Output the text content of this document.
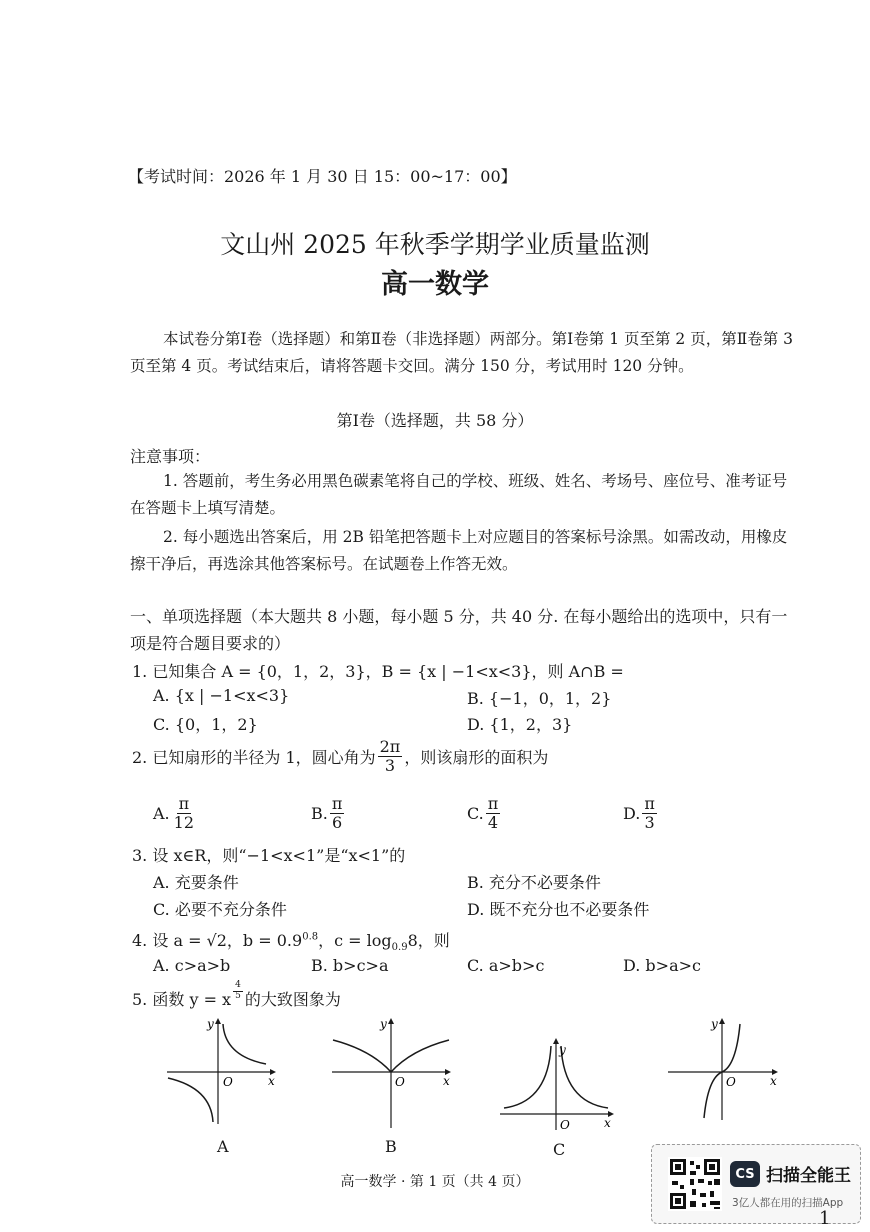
【考试时间：2026 年 1 月 30 日 15：00~17：00】
文山州 2025 年秋季学期学业质量监测
高一数学
本试卷分第Ⅰ卷（选择题）和第Ⅱ卷（非选择题）两部分。第Ⅰ卷第 1 页至第 2 页，第Ⅱ卷第 3 页至第 4 页。考试结束后，请将答题卡交回。满分 150 分，考试用时 120 分钟。
第Ⅰ卷（选择题，共 58 分）
注意事项：
1. 答题前，考生务必用黑色碳素笔将自己的学校、班级、姓名、考场号、座位号、准考证号在答题卡上填写清楚。
2. 每小题选出答案后，用 2B 铅笔把答题卡上对应题目的答案标号涂黑。如需改动，用橡皮擦干净后，再选涂其他答案标号。在试题卷上作答无效。
一、单项选择题（本大题共 8 小题，每小题 5 分，共 40 分. 在每小题给出的选项中，只有一项是符合题目要求的）
1. 已知集合 A = {0，1，2，3}，B = {x | −1<x<3}，则 A∩B =
A. {x | −1<x<3}	B. {−1，0，1，2}
C. {0，1，2}	D. {1，2，3}
2. 已知扇形的半径为 1，圆心角为 $\frac{2\pi}{3}$ ，则该扇形的面积为
A. $\frac{\pi}{12}$	B. $\frac{\pi}{6}$	C. $\frac{\pi}{4}$	D. $\frac{\pi}{3}$
3. 设 x∈R，则“−1<x<1”是“x<1”的
A. 充要条件	B. 充分不必要条件
C. 必要不充分条件	D. 既不充分也不必要条件
4. 设 a = √2，$b = 0.9^{0.8}$，$c = \log_{0.9}8$，则
A. c>a>b	B. b>c>a	C. a>b>c	D. b>a>c
5. 函数 y = x $\frac{4}{5}$ 的大致图象为
y
x
O
A
y
x
O
B
y
x
O
C
y
x
O
高一数学 · 第 1 页（共 4 页）	CS 扫描全能王
3亿人都在用的扫描App
1
